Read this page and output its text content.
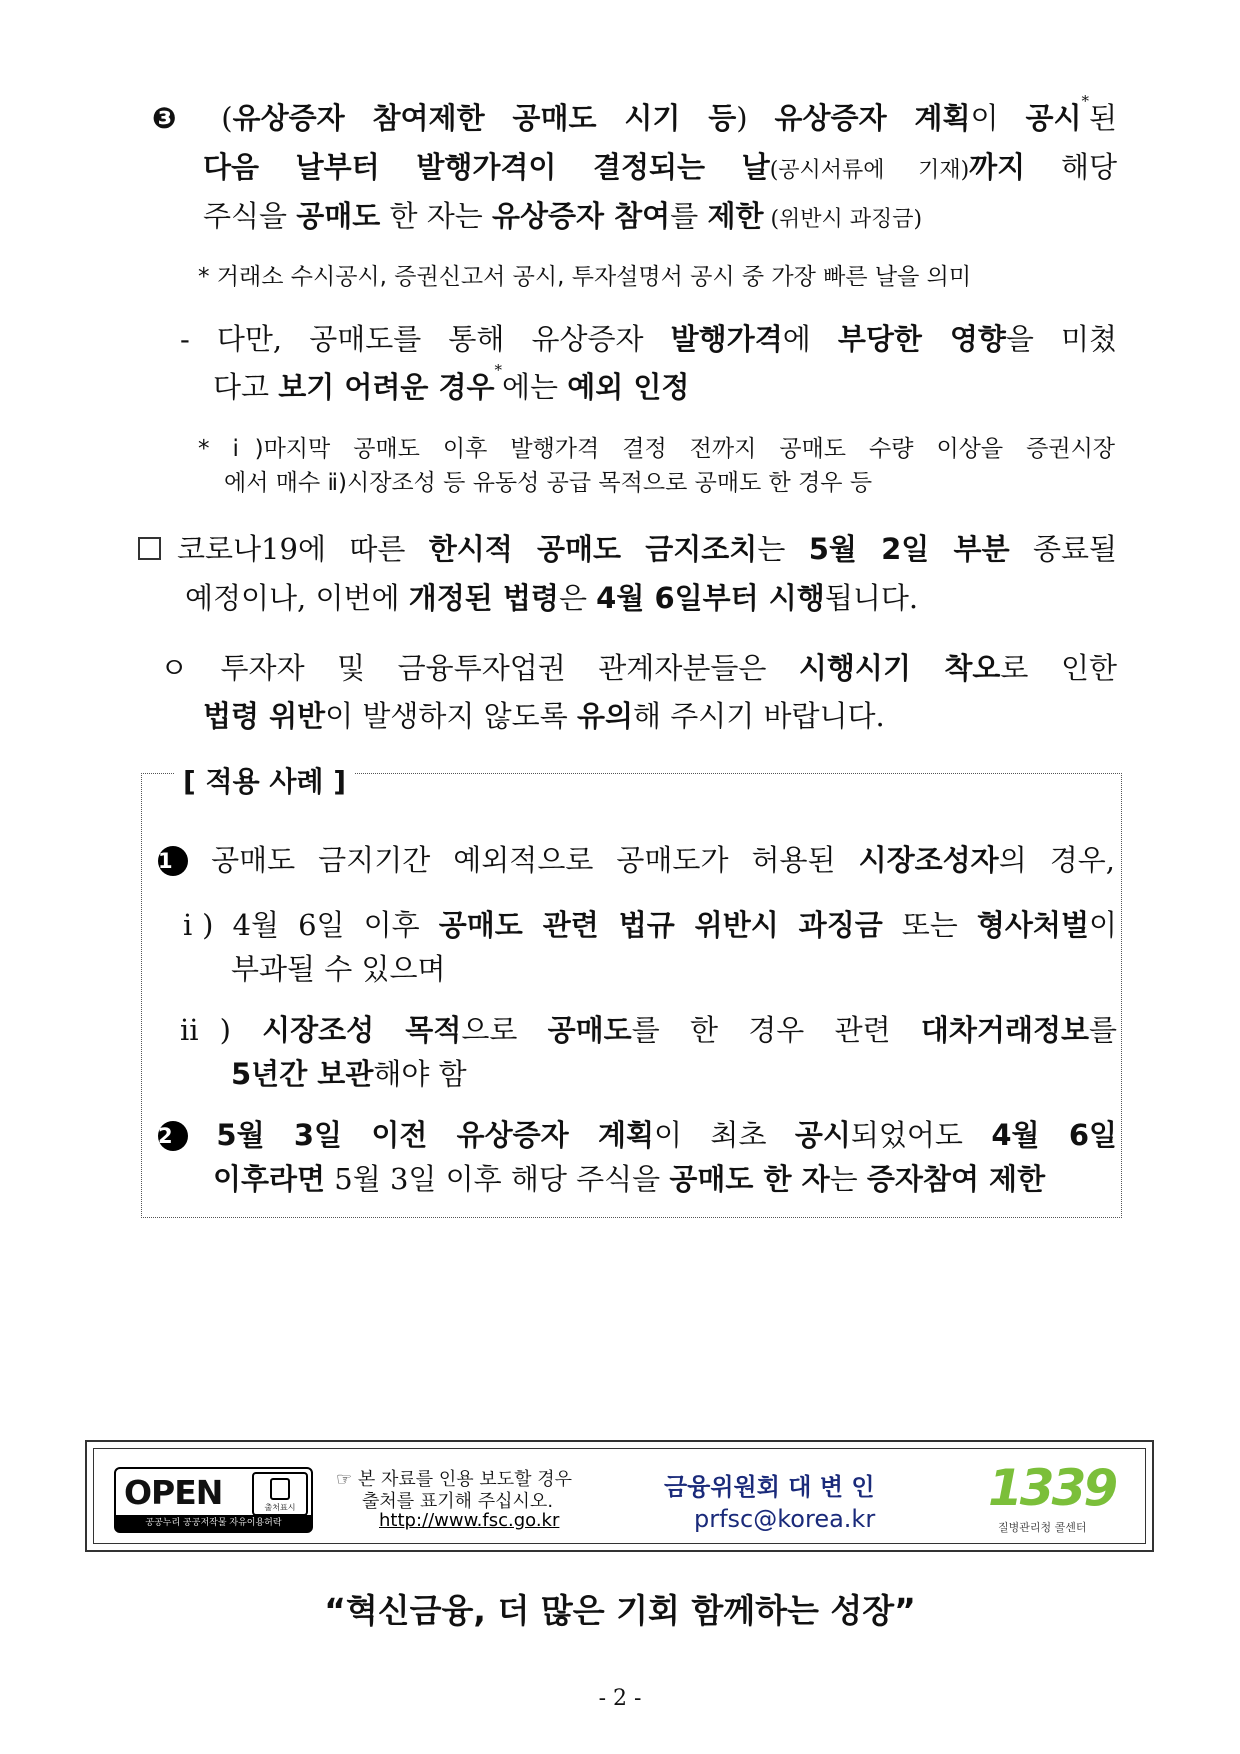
❸ (유상증자 참여제한 공매도 시기 등) 유상증자 계획이 공시*된
다음 날부터 발행가격이 결정되는 날(공시서류에 기재)까지 해당
주식을 공매도 한 자는 유상증자 참여를 제한 (위반시 과징금)
* 거래소 수시공시, 증권신고서 공시, 투자설명서 공시 중 가장 빠른 날을 의미
- 다만, 공매도를 통해 유상증자 발행가격에 부당한 영향을 미쳤
다고 보기 어려운 경우*에는 예외 인정
* ⅰ)마지막 공매도 이후 발행가격 결정 전까지 공매도 수량 이상을 증권시장
에서 매수 ⅱ)시장조성 등 유동성 공급 목적으로 공매도 한 경우 등
코로나19에 따른 한시적 공매도 금지조치는 5월 2일 부분 종료될
예정이나, 이번에 개정된 법령은 4월 6일부터 시행됩니다.
ㅇ 투자자 및 금융투자업권 관계자분들은 시행시기 착오로 인한
법령 위반이 발생하지 않도록 유의해 주시기 바랍니다.
[ 적용 사례 ]
1 공매도 금지기간 예외적으로 공매도가 허용된 시장조성자의 경우,
ⅰ) 4월 6일 이후 공매도 관련 법규 위반시 과징금 또는 형사처벌이
부과될 수 있으며
ⅱ) 시장조성 목적으로 공매도를 한 경우 관련 대차거래정보를
5년간 보관해야 함
2 5월 3일 이전 유상증자 계획이 최초 공시되었어도 4월 6일
이후라면 5월 3일 이후 해당 주식을 공매도 한 자는 증자참여 제한
OPEN	출처표시
공공누리 공공저작물 자유이용허락
☞ 본 자료를 인용 보도할 경우
출처를 표기해 주십시오.
http://www.fsc.go.kr
금융위원회 대 변 인
prfsc@korea.kr
1339
질병관리청 콜센터
“혁신금융, 더 많은 기회 함께하는 성장”
- 2 -
